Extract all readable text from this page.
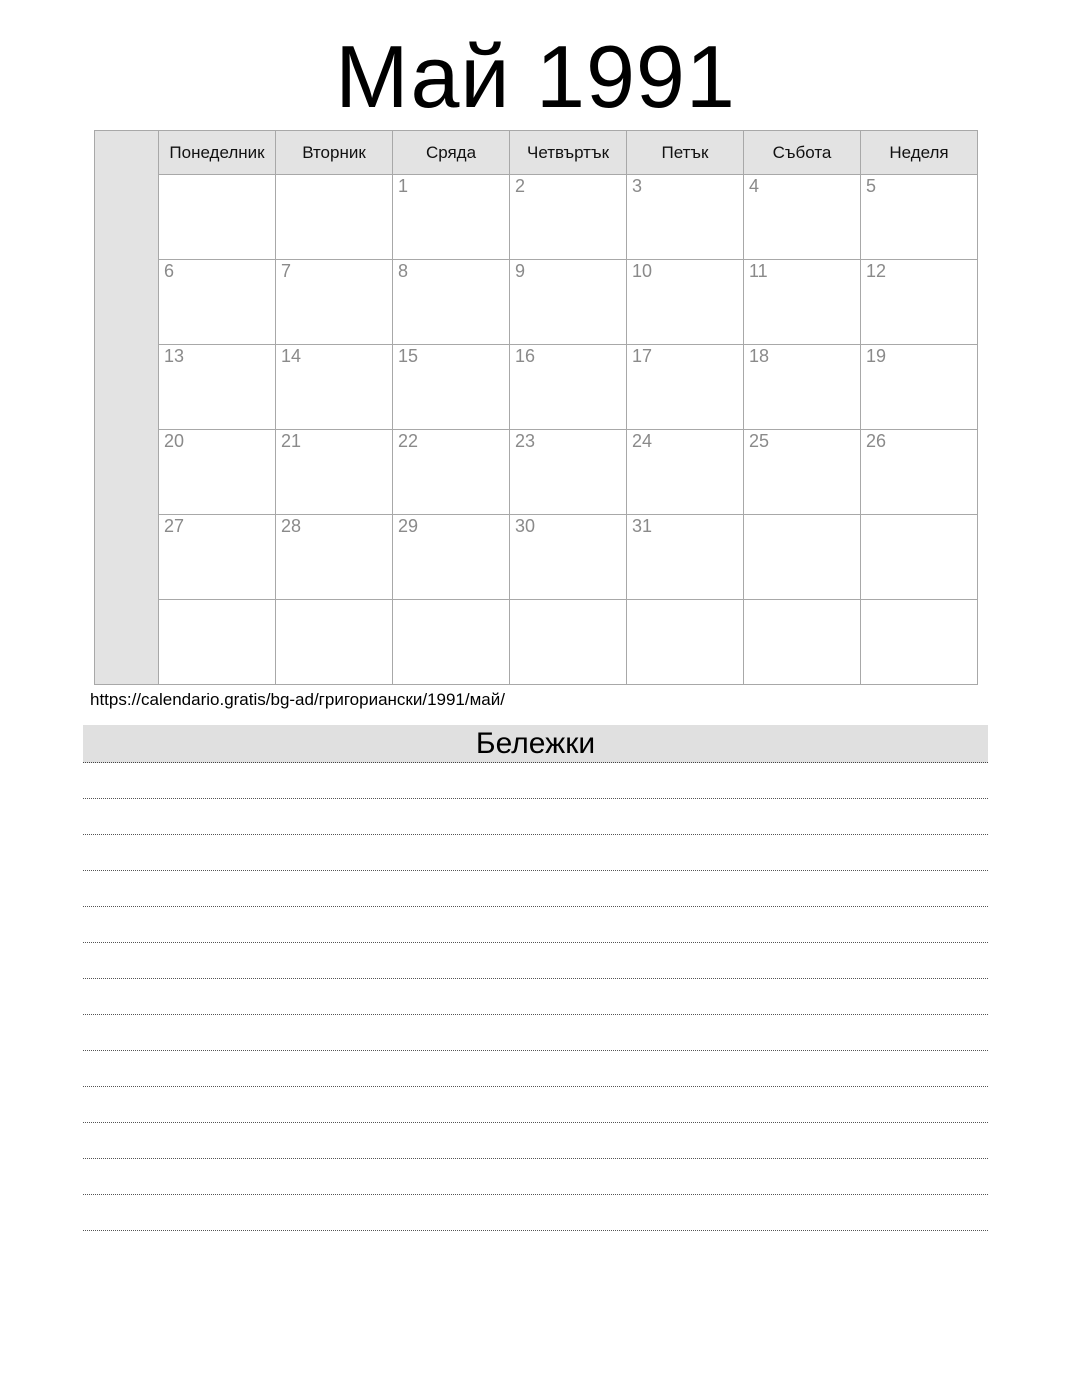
Май 1991
	Понеделник	Вторник	Сряда	Четвъртък	Петък	Събота	Неделя
			1	2	3	4	5
	6	7	8	9	10	11	12
	13	14	15	16	17	18	19
	20	21	22	23	24	25	26
	27	28	29	30	31		

https://calendario.gratis/bg-ad/григориански/1991/май/
Бележки
